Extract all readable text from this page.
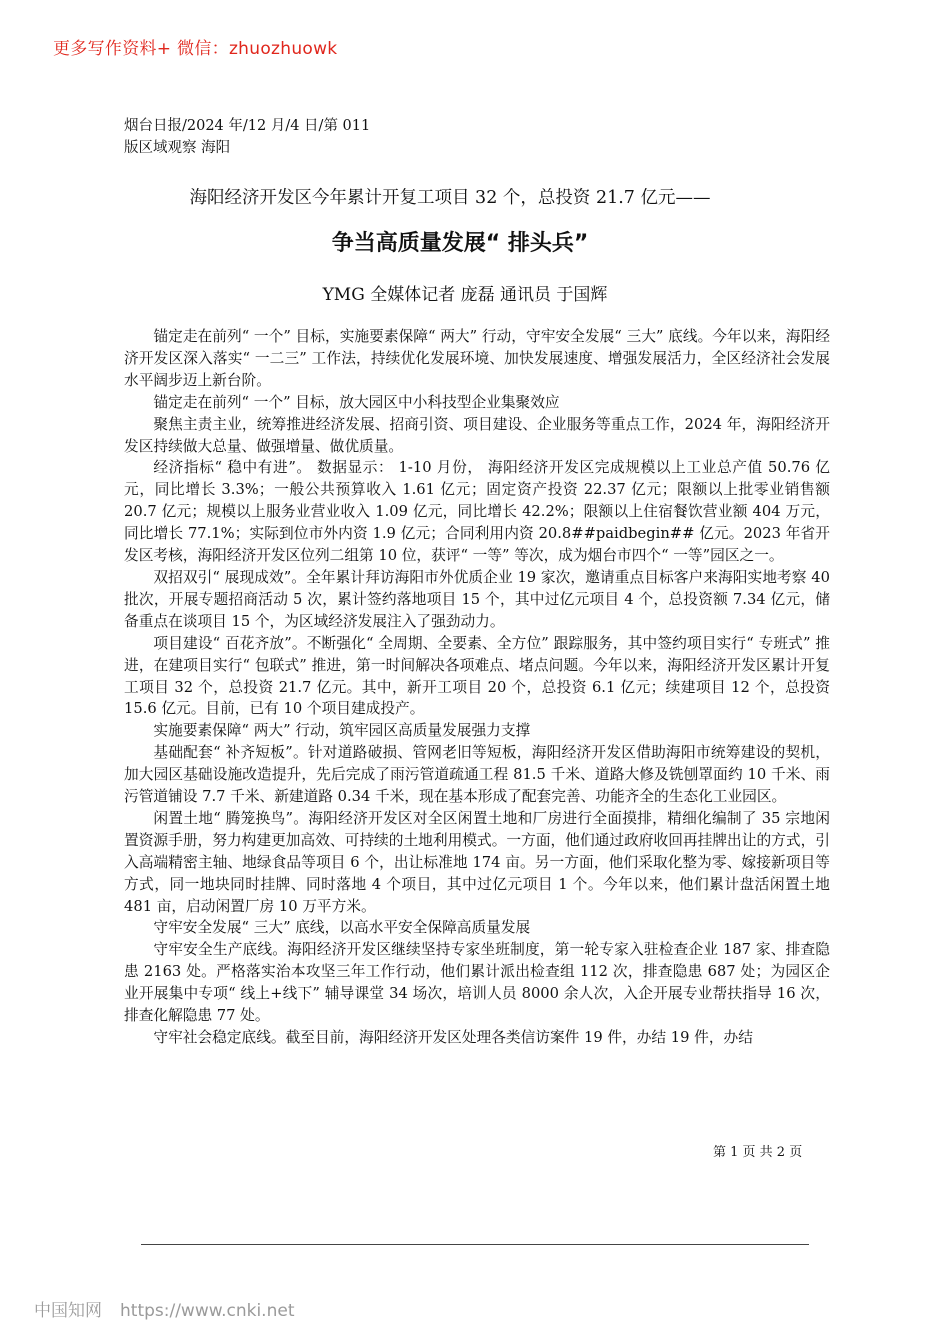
更多写作资料+ 微信：zhuozhuowk
烟台日报/2024 年/12 月/4 日/第 011
版区域观察 海阳
海阳经济开发区今年累计开复工项目 32 个，总投资 21.7 亿元——
争当高质量发展“ 排头兵”
YMG 全媒体记者 庞磊 通讯员 于国辉

锚定走在前列“ 一个” 目标，实施要素保障“ 两大” 行动，守牢安全发展“ 三大” 底线。今年以来，海阳经济开发区深入落实“ 一二三” 工作法，持续优化发展环境、加快发展速度、增强发展活力，全区经济社会发展水平阔步迈上新台阶。

锚定走在前列“ 一个” 目标，放大园区中小科技型企业集聚效应

聚焦主责主业，统筹推进经济发展、招商引资、项目建设、企业服务等重点工作，2024 年，海阳经济开发区持续做大总量、做强增量、做优质量。

经济指标“ 稳中有进”。 数据显示： 1-10 月份， 海阳经济开发区完成规模以上工业总产值 50.76 亿元，同比增长 3.3%；一般公共预算收入 1.61 亿元；固定资产投资 22.37 亿元；限额以上批零业销售额 20.7 亿元；规模以上服务业营业收入 1.09 亿元，同比增长 42.2%；限额以上住宿餐饮营业额 404 万元，同比增长 77.1%；实际到位市外内资 1.9 亿元；合同利用内资 20.8##paidbegin## 亿元。2023 年省开发区考核，海阳经济开发区位列二组第 10 位，获评“ 一等” 等次，成为烟台市四个“ 一等”园区之一。

双招双引“ 展现成效”。全年累计拜访海阳市外优质企业 19 家次，邀请重点目标客户来海阳实地考察 40 批次，开展专题招商活动 5 次，累计签约落地项目 15 个，其中过亿元项目 4 个，总投资额 7.34 亿元，储备重点在谈项目 15 个，为区域经济发展注入了强劲动力。

项目建设“ 百花齐放”。不断强化“ 全周期、全要素、全方位” 跟踪服务，其中签约项目实行“ 专班式” 推进，在建项目实行“ 包联式” 推进，第一时间解决各项难点、堵点问题。今年以来，海阳经济开发区累计开复工项目 32 个，总投资 21.7 亿元。其中，新开工项目 20 个，总投资 6.1 亿元；续建项目 12 个，总投资 15.6 亿元。目前，已有 10 个项目建成投产。

实施要素保障“ 两大” 行动，筑牢园区高质量发展强力支撑

基础配套“ 补齐短板”。针对道路破损、管网老旧等短板，海阳经济开发区借助海阳市统筹建设的契机，加大园区基础设施改造提升，先后完成了雨污管道疏通工程 81.5 千米、道路大修及铣刨罩面约 10 千米、雨污管道铺设 7.7 千米、新建道路 0.34 千米，现在基本形成了配套完善、功能齐全的生态化工业园区。

闲置土地“ 腾笼换鸟”。海阳经济开发区对全区闲置土地和厂房进行全面摸排，精细化编制了 35 宗地闲置资源手册，努力构建更加高效、可持续的土地利用模式。一方面，他们通过政府收回再挂牌出让的方式，引入高端精密主轴、地绿食品等项目 6 个，出让标准地 174 亩。另一方面，他们采取化整为零、嫁接新项目等方式，同一地块同时挂牌、同时落地 4 个项目，其中过亿元项目 1 个。今年以来，他们累计盘活闲置土地 481 亩，启动闲置厂房 10 万平方米。

守牢安全发展“ 三大” 底线，以高水平安全保障高质量发展

守牢安全生产底线。海阳经济开发区继续坚持专家坐班制度，第一轮专家入驻检查企业 187 家、排查隐患 2163 处。严格落实治本攻坚三年工作行动，他们累计派出检查组 112 次，排查隐患 687 处；为园区企业开展集中专项“ 线上+线下” 辅导课堂 34 场次，培训人员 8000 余人次，入企开展专业帮扶指导 16 次，排查化解隐患 77 处。

守牢社会稳定底线。截至目前，海阳经济开发区处理各类信访案件 19 件，办结 19 件，办结

第 1 页 共 2 页
中国知网 https://www.cnki.net
